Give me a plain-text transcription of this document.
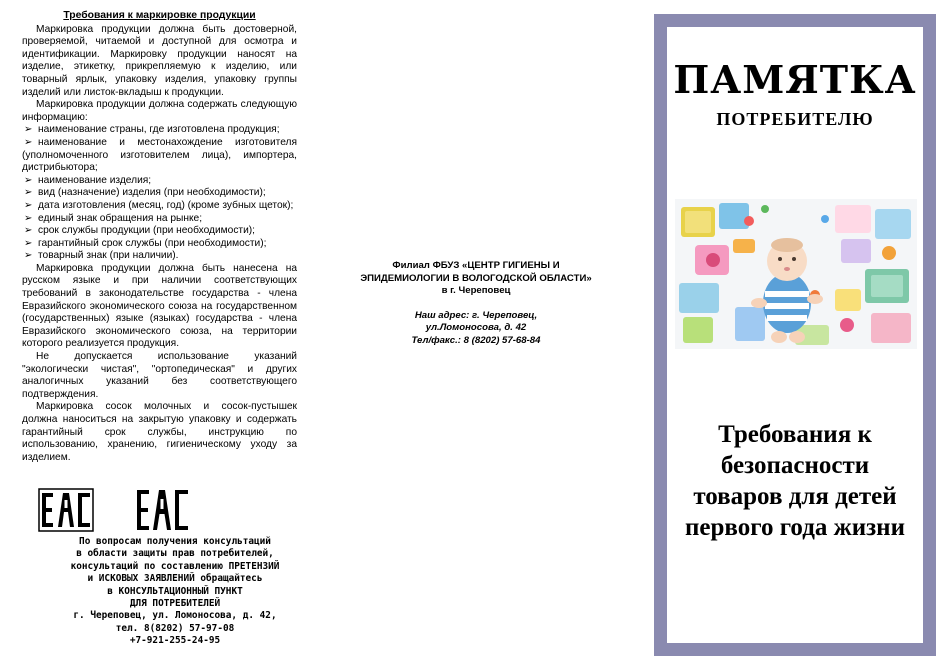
Требования к маркировке продукции

Маркировка продукции должна быть достоверной, проверяемой, читаемой и доступной для осмотра и идентификации. Маркировку продукции наносят на изделие, этикетку, прикрепляемую к изделию, или товарный ярлык, упаковку изделия, упаковку группы изделий или листок-вкладыш к продукции.

Маркировка продукции должна содержать следующую информацию:

➢ наименование страны, где изготовлена продукция;
➢ наименование и местонахождение изготовителя (уполномоченного изготовителем лица), импортера, дистрибьютора;
➢ наименование изделия;
➢ вид (назначение) изделия (при необходимости);
➢ дата изготовления (месяц, год) (кроме зубных щеток);
➢ единый знак обращения на рынке;
➢ срок службы продукции (при необходимости);
➢ гарантийный срок службы (при необходимости);
➢ товарный знак (при наличии).

Маркировка продукции должна быть нанесена на русском языке и при наличии соответствующих требований в законодательстве государства - члена Евразийского экономического союза на государственном (государственных) языке (языках) государства - члена Евразийского экономического союза, на территории которого реализуется продукция.

Не допускается использование указаний "экологически чистая", "ортопедическая" и других аналогичных указаний без соответствующего подтверждения.

Маркировка сосок молочных и сосок-пустышек должна наноситься на закрытую упаковку и содержать гарантийный срок службы, инструкцию по использованию, хранению, гигиеническому уходу за изделием.

По вопросам получения консультаций
в области защиты прав потребителей,
консультаций по составлению ПРЕТЕНЗИЙ
и ИСКОВЫХ ЗАЯВЛЕНИЙ обращайтесь
в КОНСУЛЬТАЦИОННЫЙ ПУНКТ
ДЛЯ ПОТРЕБИТЕЛЕЙ
г. Череповец, ул. Ломоносова, д. 42,
тел. 8(8202) 57-97-08
+7-921-255-24-95
Филиал ФБУЗ «ЦЕНТР ГИГИЕНЫ И
ЭПИДЕМИОЛОГИИ В ВОЛОГОДСКОЙ ОБЛАСТИ»
в г. Череповец
Наш адрес: г. Череповец,
ул.Ломоносова, д. 42
Тел/факс.: 8 (8202) 57-68-84
ПАМЯТКА
ПОТРЕБИТЕЛЮ
Требования к
безопасности
товаров для детей
первого года жизни
